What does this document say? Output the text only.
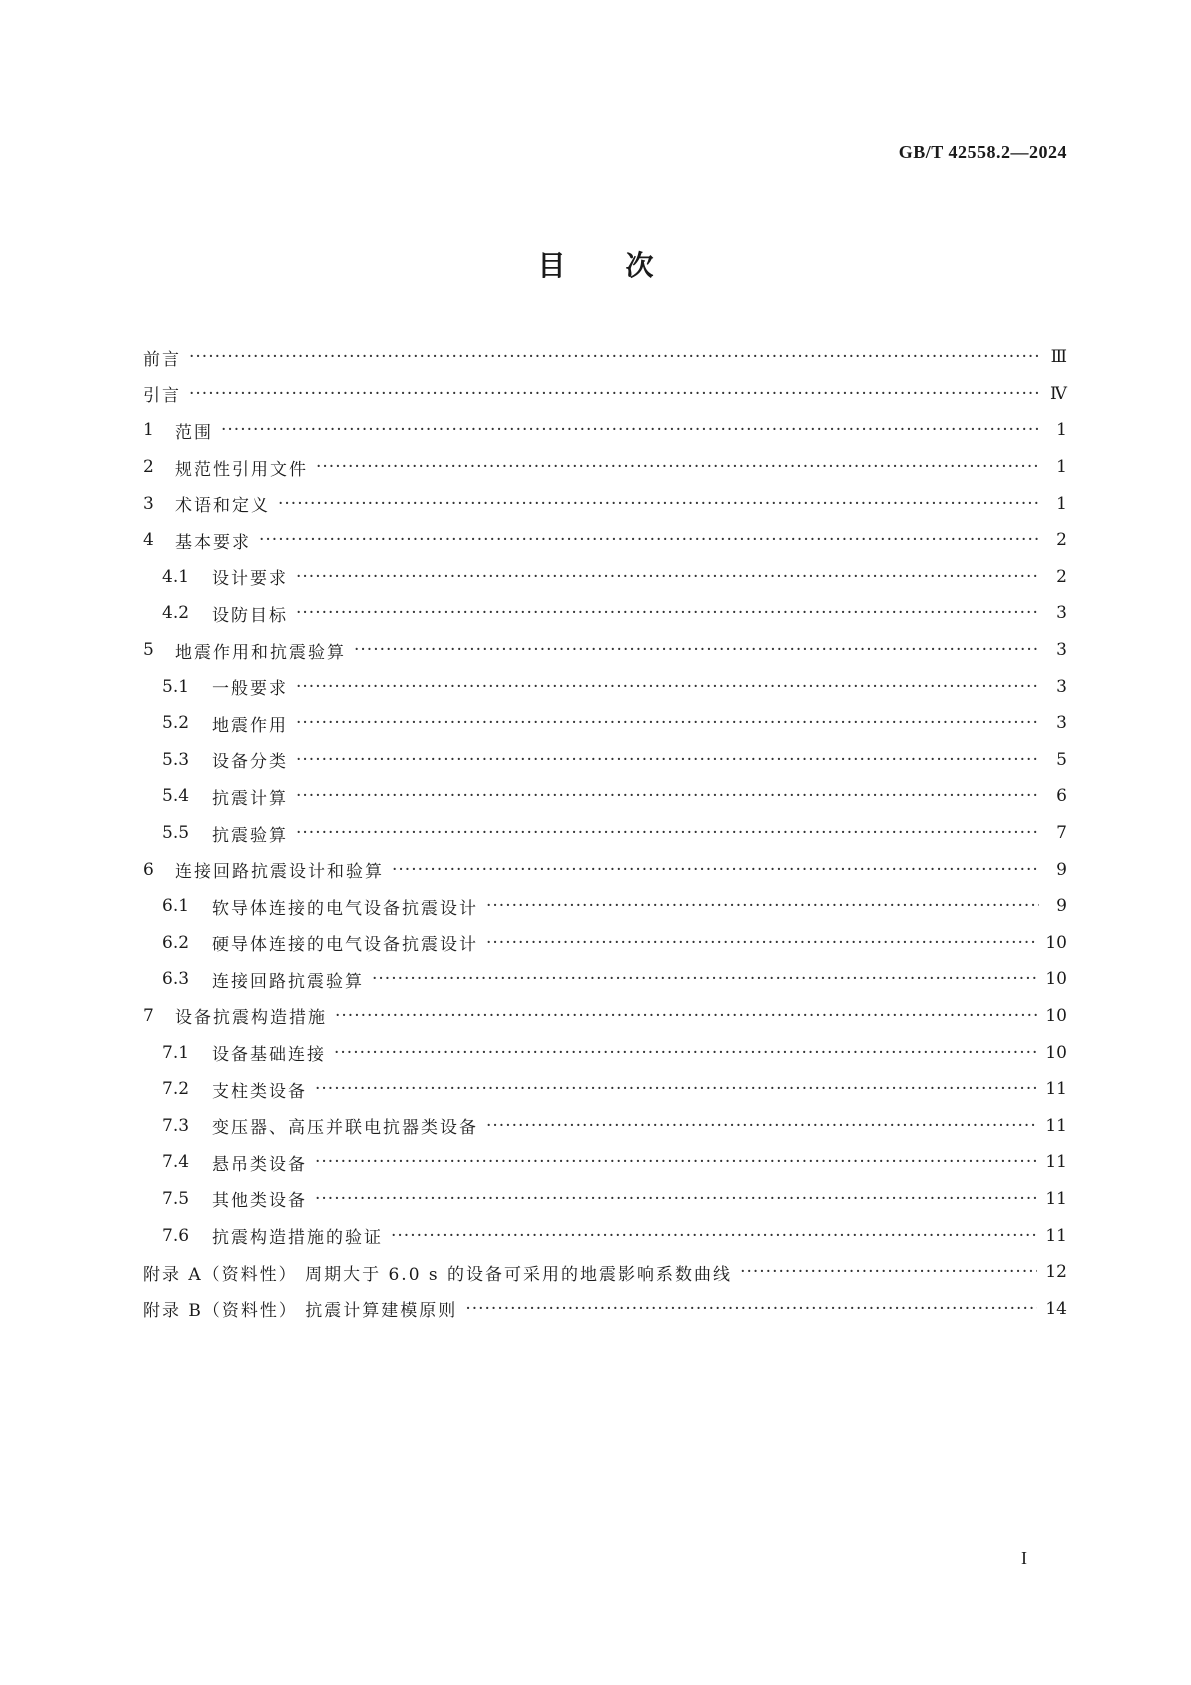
GB/T 42558.2—2024
目次
前言 ·····	Ⅲ
引言 ·····	Ⅳ
1	范围 ·····	1
2	规范性引用文件 ·····	1
3	术语和定义 ·····	1
4	基本要求 ·····	2
4.1	设计要求 ·····	2
4.2	设防目标 ·····	3
5	地震作用和抗震验算 ·····	3
5.1	一般要求 ·····	3
5.2	地震作用 ·····	3
5.3	设备分类 ·····	5
5.4	抗震计算 ·····	6
5.5	抗震验算 ·····	7
6	连接回路抗震设计和验算 ·····	9
6.1	软导体连接的电气设备抗震设计 ·····	9
6.2	硬导体连接的电气设备抗震设计 ·····	10
6.3	连接回路抗震验算 ·····	10
7	设备抗震构造措施 ·····	10
7.1	设备基础连接 ·····	10
7.2	支柱类设备 ·····	11
7.3	变压器、高压并联电抗器类设备 ·····	11
7.4	悬吊类设备 ·····	11
7.5	其他类设备 ·····	11
7.6	抗震构造措施的验证 ·····	11
附录 A（资料性） 周期大于 6.0 s 的设备可采用的地震影响系数曲线 ·····	12
附录 B（资料性） 抗震计算建模原则 ·····	14
I
